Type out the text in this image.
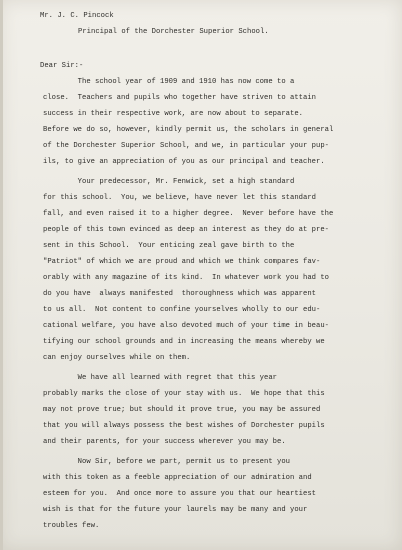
Mr. J. C. Pincock
Principal of the Dorchester Superior School.
Dear Sir:-
The school year of 1909 and 1910 has now come to a
close.  Teachers and pupils who together have striven to attain
success in their respective work, are now about to separate.
Before we do so, however, kindly permit us, the scholars in general
of the Dorchester Superior School, and we, in particular your pup-
ils, to give an appreciation of you as our principal and teacher.
Your predecessor, Mr. Fenwick, set a high standard
for this school.  You, we believe, have never let this standard
fall, and even raised it to a higher degree.  Never before have the
people of this town evinced as deep an interest as they do at pre-
sent in this School.  Your enticing zeal gave birth to the
"Patriot" of which we are proud and which we think compares fav-
orably with any magazine of its kind.  In whatever work you had to
do you have  always manifested  thoroughness which was apparent
to us all.  Not content to confine yourselves wholly to our edu-
cational welfare, you have also devoted much of your time in beau-
tifying our school grounds and in increasing the means whereby we
can enjoy ourselves while on them.
We have all learned with regret that this year
probably marks the close of your stay with us.  We hope that this
may not prove true; but should it prove true, you may be assured
that you will always possess the best wishes of Dorchester pupils
and their parents, for your success wherever you may be.
Now Sir, before we part, permit us to present you
with this token as a feeble appreciation of our admiration and
esteem for you.  And once more to assure you that our heartiest
wish is that for the future your laurels may be many and your
troubles few.
